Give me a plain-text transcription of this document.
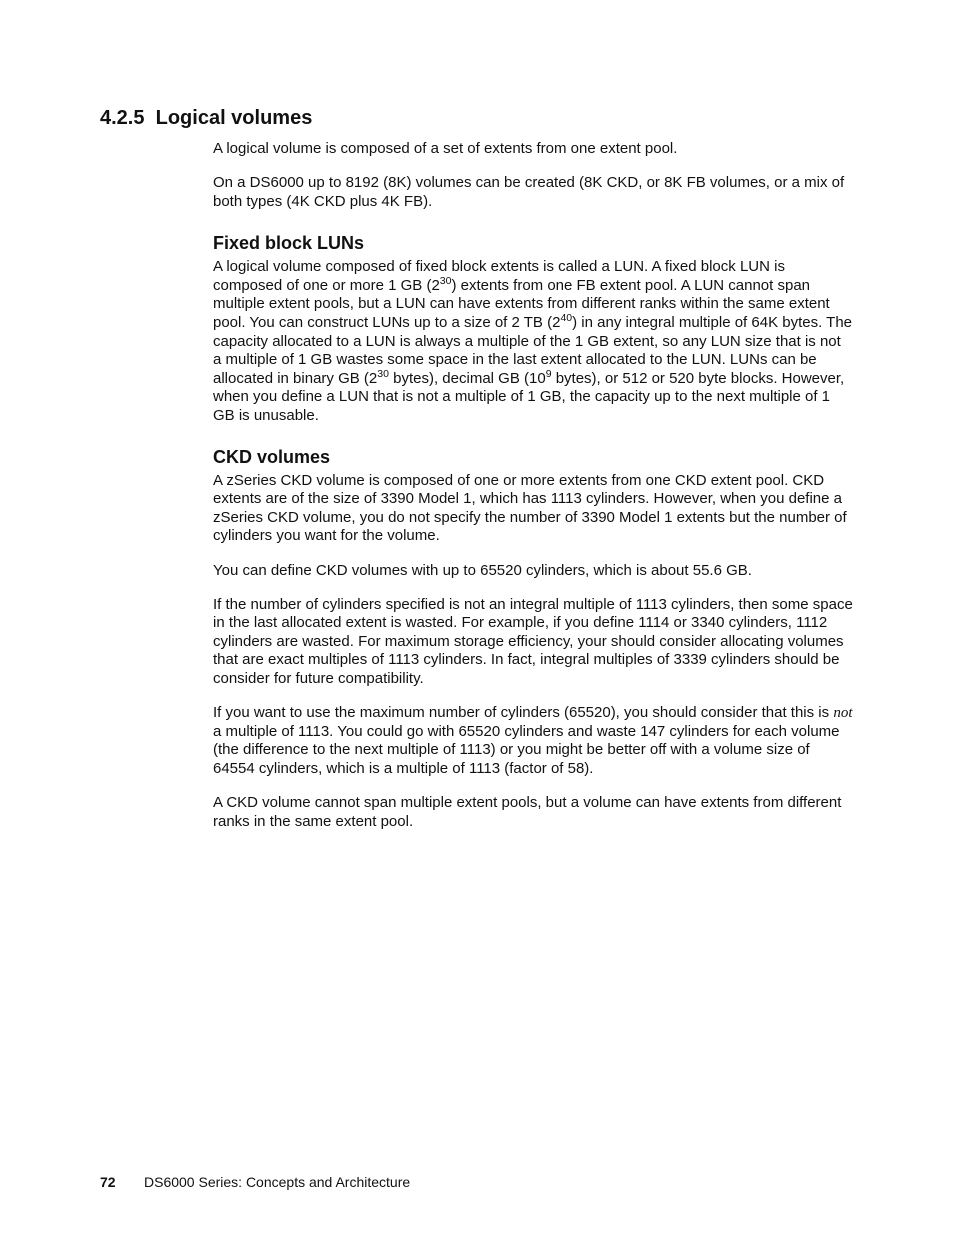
4.2.5 Logical volumes

A logical volume is composed of a set of extents from one extent pool.

On a DS6000 up to 8192 (8K) volumes can be created (8K CKD, or 8K FB volumes, or a mix of both types (4K CKD plus 4K FB).

Fixed block LUNs

A logical volume composed of fixed block extents is called a LUN. A fixed block LUN is composed of one or more 1 GB $(2^{30})$ extents from one FB extent pool. A LUN cannot span multiple extent pools, but a LUN can have extents from different ranks within the same extent pool. You can construct LUNs up to a size of 2 TB $(2^{40})$ in any integral multiple of 64K bytes. The capacity allocated to a LUN is always a multiple of the 1 GB extent, so any LUN size that is not a multiple of 1 GB wastes some space in the last extent allocated to the LUN. LUNs can be allocated in binary GB ($2^{30}$ bytes), decimal GB ($10^9$ bytes), or 512 or 520 byte blocks. However, when you define a LUN that is not a multiple of 1 GB, the capacity up to the next multiple of 1 GB is unusable.

CKD volumes

A zSeries CKD volume is composed of one or more extents from one CKD extent pool. CKD extents are of the size of 3390 Model 1, which has 1113 cylinders. However, when you define a zSeries CKD volume, you do not specify the number of 3390 Model 1 extents but the number of cylinders you want for the volume.

You can define CKD volumes with up to 65520 cylinders, which is about 55.6 GB.

If the number of cylinders specified is not an integral multiple of 1113 cylinders, then some space in the last allocated extent is wasted. For example, if you define 1114 or 3340 cylinders, 1112 cylinders are wasted. For maximum storage efficiency, your should consider allocating volumes that are exact multiples of 1113 cylinders. In fact, integral multiples of 3339 cylinders should be consider for future compatibility.

If you want to use the maximum number of cylinders (65520), you should consider that this is not a multiple of 1113. You could go with 65520 cylinders and waste 147 cylinders for each volume (the difference to the next multiple of 1113) or you might be better off with a volume size of 64554 cylinders, which is a multiple of 1113 (factor of 58).

A CKD volume cannot span multiple extent pools, but a volume can have extents from different ranks in the same extent pool.

72 DS6000 Series: Concepts and Architecture
